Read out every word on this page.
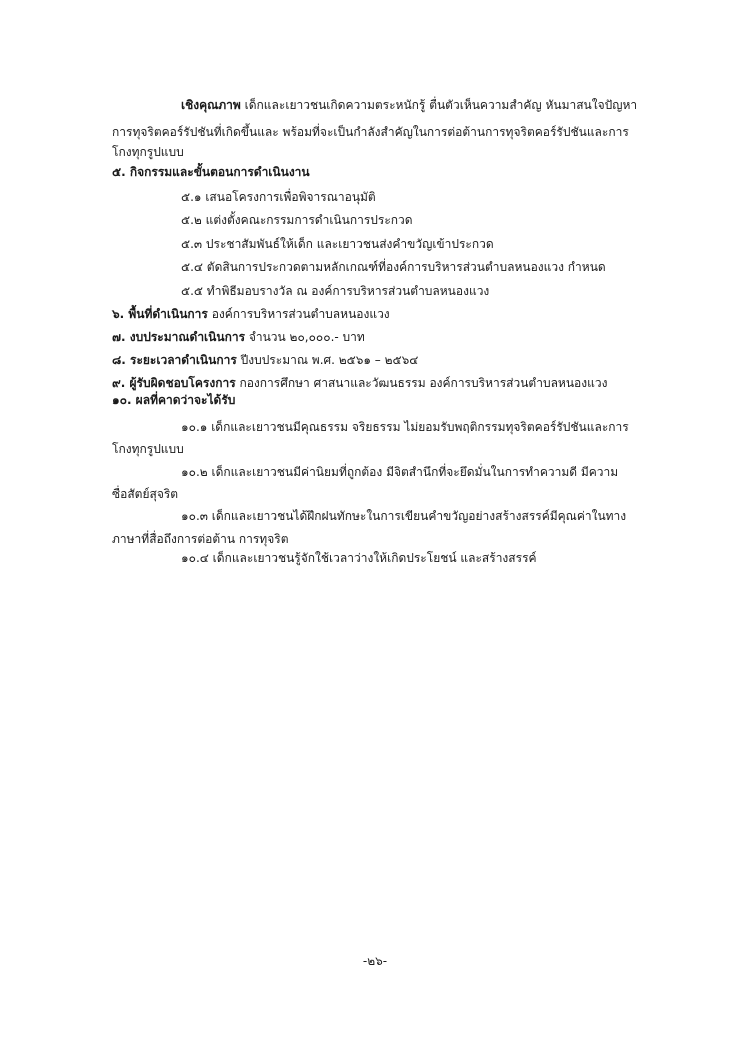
เชิงคุณภาพ เด็กและเยาวชนเกิดความตระหนักรู้ ตื่นตัวเห็นความสำคัญ หันมาสนใจปัญหา
การทุจริตคอร์รัปชันที่เกิดขึ้นและ พร้อมที่จะเป็นกำลังสำคัญในการต่อต้านการทุจริตคอร์รัปชันและการ
โกงทุกรูปแบบ
๕. กิจกรรมและขั้นตอนการดำเนินงาน
๕.๑ เสนอโครงการเพื่อพิจารณาอนุมัติ
๕.๒ แต่งตั้งคณะกรรมการดำเนินการประกวด
๕.๓ ประชาสัมพันธ์ให้เด็ก และเยาวชนส่งคำขวัญเข้าประกวด
๕.๔ ตัดสินการประกวดตามหลักเกณฑ์ที่องค์การบริหารส่วนตำบลหนองแวง กำหนด
๕.๕ ทำพิธีมอบรางวัล ณ องค์การบริหารส่วนตำบลหนองแวง
๖. พื้นที่ดำเนินการ องค์การบริหารส่วนตำบลหนองแวง
๗. งบประมาณดำเนินการ จำนวน ๒๐,๐๐๐.- บาท
๘. ระยะเวลาดำเนินการ ปีงบประมาณ พ.ศ. ๒๕๖๑ – ๒๕๖๔
๙. ผู้รับผิดชอบโครงการ กองการศึกษา ศาสนาและวัฒนธรรม องค์การบริหารส่วนตำบลหนองแวง
๑๐. ผลที่คาดว่าจะได้รับ
๑๐.๑ เด็กและเยาวชนมีคุณธรรม จริยธรรม ไม่ยอมรับพฤติกรรมทุจริตคอร์รัปชันและการ
โกงทุกรูปแบบ
๑๐.๒ เด็กและเยาวชนมีค่านิยมที่ถูกต้อง มีจิตสำนึกที่จะยึดมั่นในการทำความดี มีความ
ซื่อสัตย์สุจริต
๑๐.๓ เด็กและเยาวชนได้ฝึกฝนทักษะในการเขียนคำขวัญอย่างสร้างสรรค์มีคุณค่าในทาง
ภาษาที่สื่อถึงการต่อต้าน การทุจริต
๑๐.๔ เด็กและเยาวชนรู้จักใช้เวลาว่างให้เกิดประโยชน์ และสร้างสรรค์
-๒๖-
